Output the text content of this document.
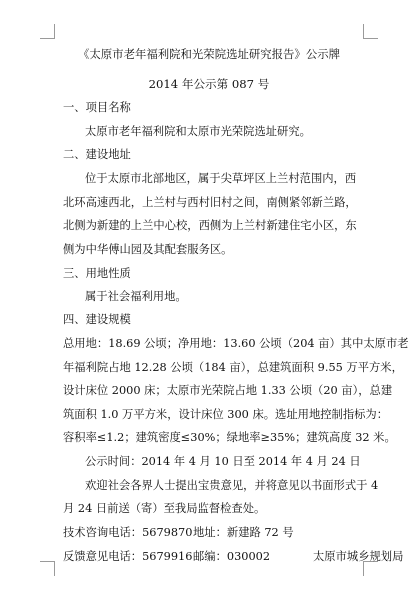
《太原市老年福利院和光荣院选址研究报告》公示牌
2014 年公示第 087 号
一、项目名称
太原市老年福利院和太原市光荣院选址研究。
二、建设地址
位于太原市北部地区，属于尖草坪区上兰村范围内，西
北环高速西北，上兰村与西村旧村之间，南侧紧邻新兰路，
北侧为新建的上兰中心校，西侧为上兰村新建住宅小区，东
侧为中华傅山园及其配套服务区。
三、用地性质
属于社会福利用地。
四、建设规模
总用地：18.69 公顷；净用地：13.60 公顷（204 亩）其中太原市老
年福利院占地 12.28 公顷（184 亩），总建筑面积 9.55 万平方米，
设计床位 2000 床；太原市光荣院占地 1.33 公顷（20 亩），总建
筑面积 1.0 万平方米，设计床位 300 床。选址用地控制指标为：
容积率≤1.2；建筑密度≤30%；绿地率≥35%；建筑高度 32 米。
公示时间：2014 年 4 月 10 日至 2014 年 4 月 24 日
欢迎社会各界人士提出宝贵意见，并将意见以书面形式于 4
月 24 日前送（寄）至我局监督检查处。
技术咨询电话：5679870 地址：新建路 72 号
反馈意见电话：5679916 邮编：030002	太原市城乡规划局
